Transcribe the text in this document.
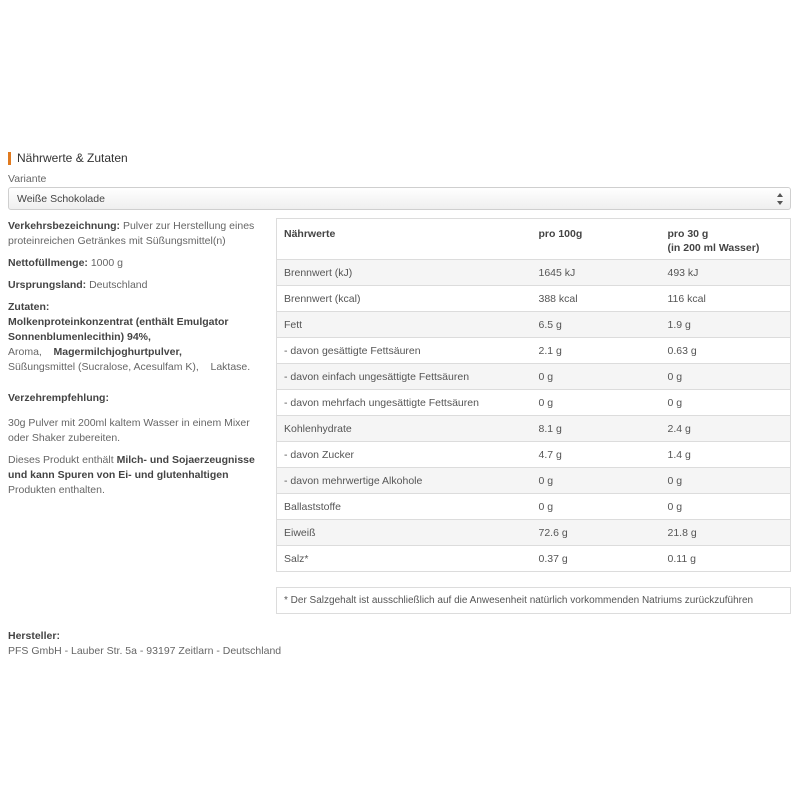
Nährwerte & Zutaten
Variante
Weiße Schokolade
Verkehrsbezeichnung: Pulver zur Herstellung eines proteinreichen Getränkes mit Süßungsmittel(n)
Nettofüllmenge: 1000 g
Ursprungsland: Deutschland
Zutaten:
Molkenproteinkonzentrat (enthält Emulgator Sonnenblumenlecithin) 94%,
Aroma, Magermilchjoghurtpulver,
Süßungsmittel (Sucralose, Acesulfam K), Laktase.
Verzehrempfehlung:
30g Pulver mit 200ml kaltem Wasser in einem Mixer oder Shaker zubereiten.
Dieses Produkt enthält Milch- und Sojaerzeugnisse und kann Spuren von Ei- und glutenhaltigen Produkten enthalten.
Nährwerte	pro 100g	pro 30 g
(in 200 ml Wasser)
Brennwert (kJ)	1645 kJ	493 kJ
Brennwert (kcal)	388 kcal	116 kcal
Fett	6.5 g	1.9 g
- davon gesättigte Fettsäuren	2.1 g	0.63 g
- davon einfach ungesättigte Fettsäuren	0 g	0 g
- davon mehrfach ungesättigte Fettsäuren	0 g	0 g
Kohlenhydrate	8.1 g	2.4 g
- davon Zucker	4.7 g	1.4 g
- davon mehrwertige Alkohole	0 g	0 g
Ballaststoffe	0 g	0 g
Eiweiß	72.6 g	21.8 g
Salz*	0.37 g	0.11 g
* Der Salzgehalt ist ausschließlich auf die Anwesenheit natürlich vorkommenden Natriums zurückzuführen
Hersteller:
PFS GmbH - Lauber Str. 5a - 93197 Zeitlarn - Deutschland
